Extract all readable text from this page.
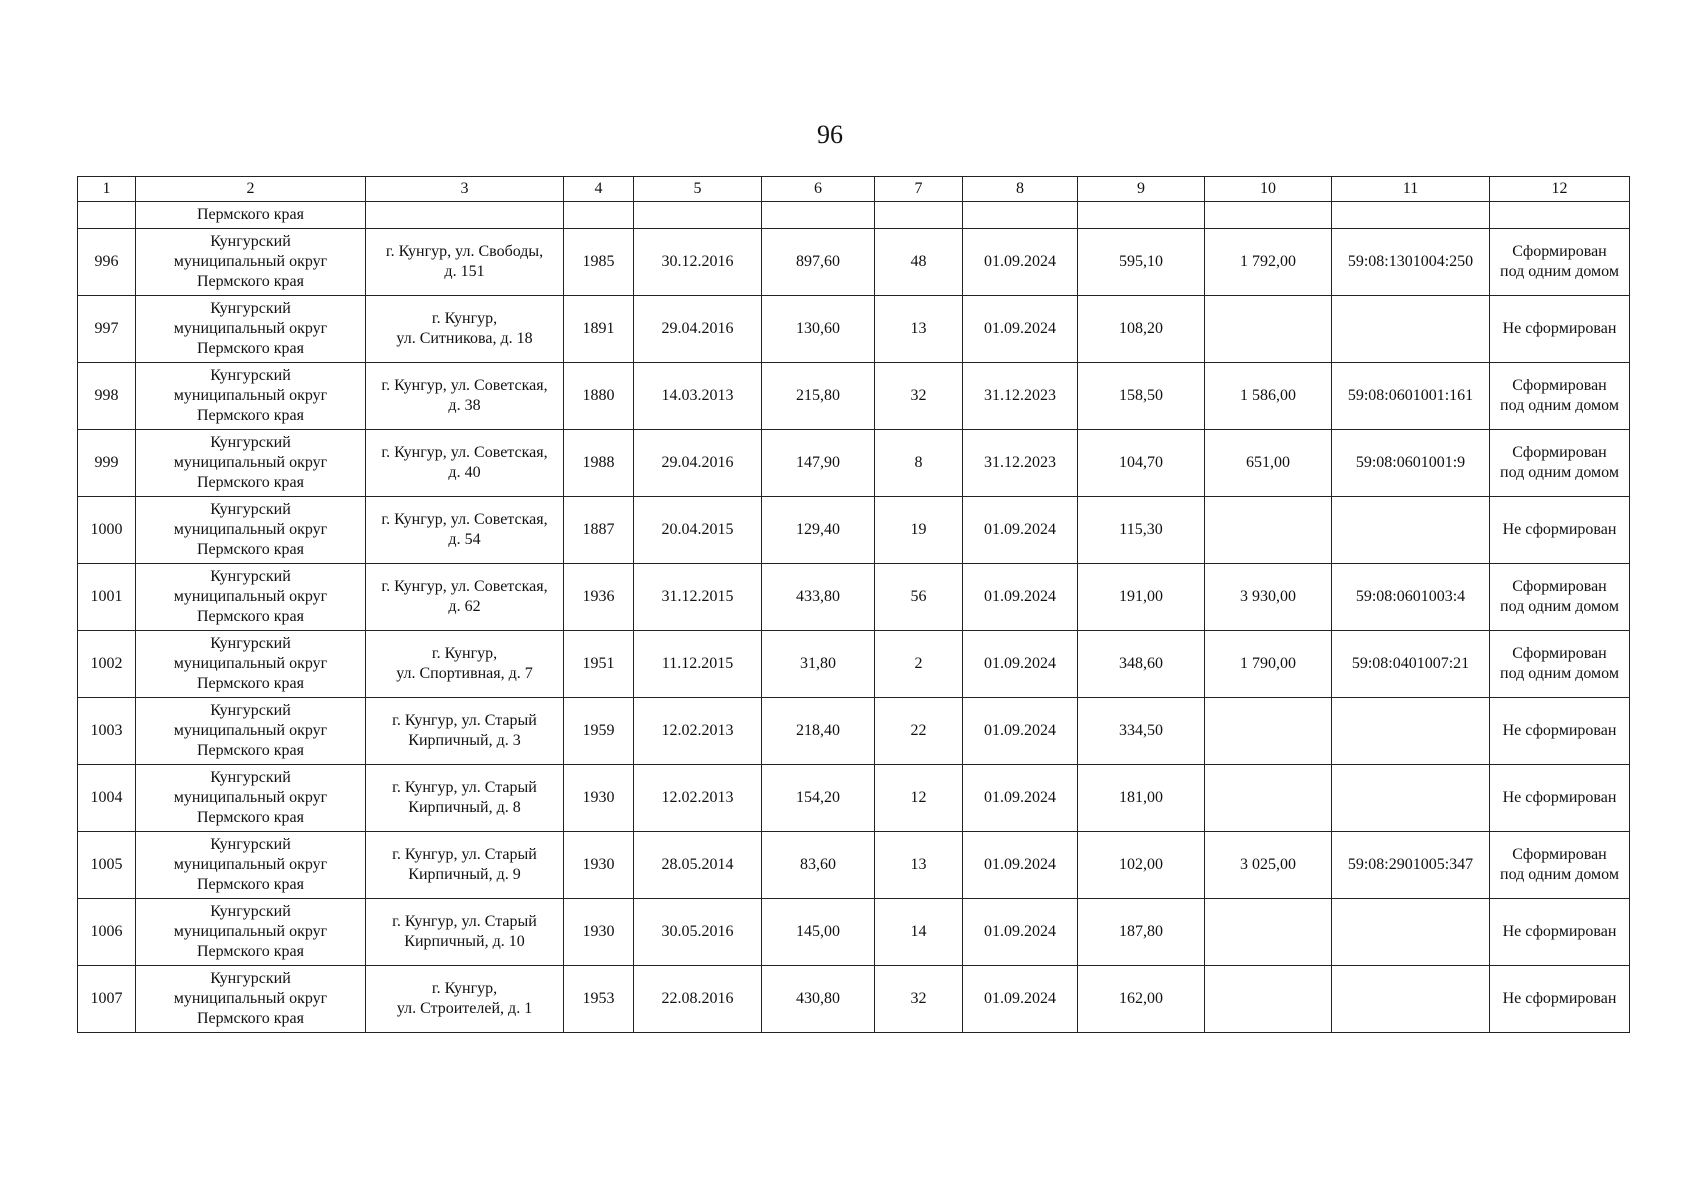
96
1	2	3	4	5	6	7	8	9	10	11	12
	Пермского края										
996	Кунгурский
муниципальный округ
Пермского края	г. Кунгур, ул. Свободы,
д. 151	1985	30.12.2016	897,60	48	01.09.2024	595,10	1 792,00	59:08:1301004:250	Сформирован
под одним домом

997	Кунгурский
муниципальный округ
Пермского края	г. Кунгур,
ул. Ситникова, д. 18	1891	29.04.2016	130,60	13	01.09.2024	108,20			Не сформирован

998	Кунгурский
муниципальный округ
Пермского края	г. Кунгур, ул. Советская,
д. 38	1880	14.03.2013	215,80	32	31.12.2023	158,50	1 586,00	59:08:0601001:161	Сформирован
под одним домом

999	Кунгурский
муниципальный округ
Пермского края	г. Кунгур, ул. Советская,
д. 40	1988	29.04.2016	147,90	8	31.12.2023	104,70	651,00	59:08:0601001:9	Сформирован
под одним домом

1000	Кунгурский
муниципальный округ
Пермского края	г. Кунгур, ул. Советская,
д. 54	1887	20.04.2015	129,40	19	01.09.2024	115,30			Не сформирован

1001	Кунгурский
муниципальный округ
Пермского края	г. Кунгур, ул. Советская,
д. 62	1936	31.12.2015	433,80	56	01.09.2024	191,00	3 930,00	59:08:0601003:4	Сформирован
под одним домом

1002	Кунгурский
муниципальный округ
Пермского края	г. Кунгур,
ул. Спортивная, д. 7	1951	11.12.2015	31,80	2	01.09.2024	348,60	1 790,00	59:08:0401007:21	Сформирован
под одним домом

1003	Кунгурский
муниципальный округ
Пермского края	г. Кунгур, ул. Старый
Кирпичный, д. 3	1959	12.02.2013	218,40	22	01.09.2024	334,50			Не сформирован

1004	Кунгурский
муниципальный округ
Пермского края	г. Кунгур, ул. Старый
Кирпичный, д. 8	1930	12.02.2013	154,20	12	01.09.2024	181,00			Не сформирован

1005	Кунгурский
муниципальный округ
Пермского края	г. Кунгур, ул. Старый
Кирпичный, д. 9	1930	28.05.2014	83,60	13	01.09.2024	102,00	3 025,00	59:08:2901005:347	Сформирован
под одним домом

1006	Кунгурский
муниципальный округ
Пермского края	г. Кунгур, ул. Старый
Кирпичный, д. 10	1930	30.05.2016	145,00	14	01.09.2024	187,80			Не сформирован

1007	Кунгурский
муниципальный округ
Пермского края	г. Кунгур,
ул. Строителей, д. 1	1953	22.08.2016	430,80	32	01.09.2024	162,00			Не сформирован
